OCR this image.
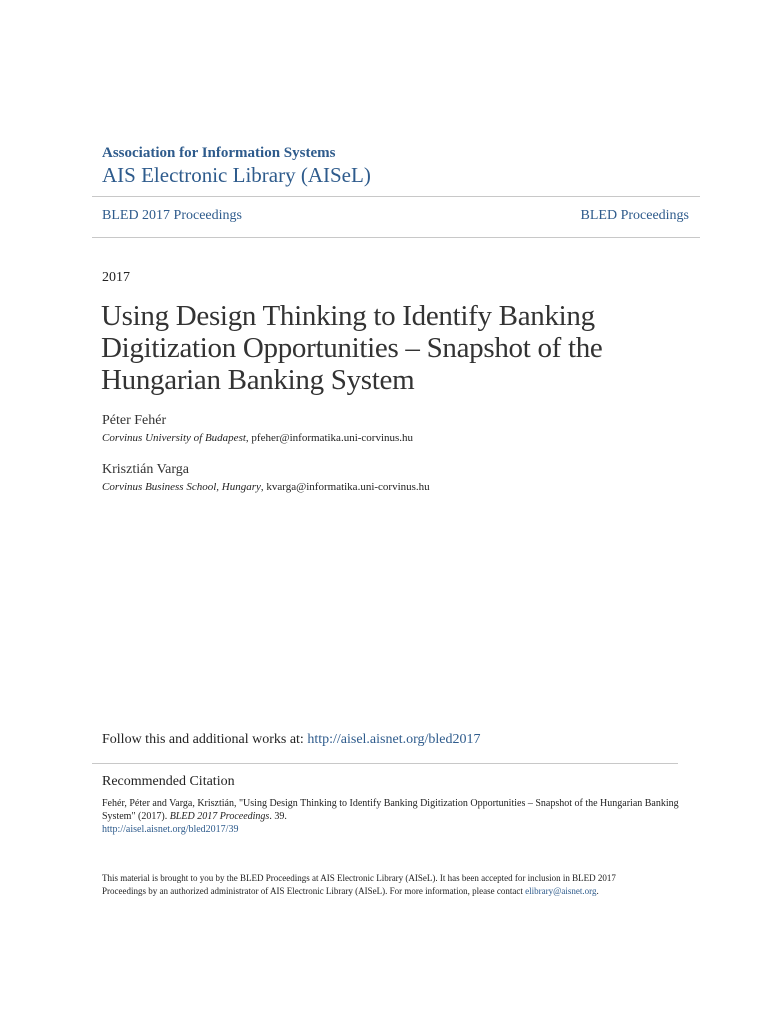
Association for Information Systems

AIS Electronic Library (AISeL)

BLED 2017 Proceedings	BLED Proceedings
2017
Using Design Thinking to Identify Banking Digitization Opportunities – Snapshot of the Hungarian Banking System
Péter Fehér
Corvinus University of Budapest, pfeher@informatika.uni-corvinus.hu
Krisztián Varga
Corvinus Business School, Hungary, kvarga@informatika.uni-corvinus.hu
Follow this and additional works at: http://aisel.aisnet.org/bled2017
Recommended Citation
Fehér, Péter and Varga, Krisztián, "Using Design Thinking to Identify Banking Digitization Opportunities – Snapshot of the Hungarian Banking System" (2017). BLED 2017 Proceedings. 39.
http://aisel.aisnet.org/bled2017/39
This material is brought to you by the BLED Proceedings at AIS Electronic Library (AISeL). It has been accepted for inclusion in BLED 2017 Proceedings by an authorized administrator of AIS Electronic Library (AISeL). For more information, please contact elibrary@aisnet.org.
